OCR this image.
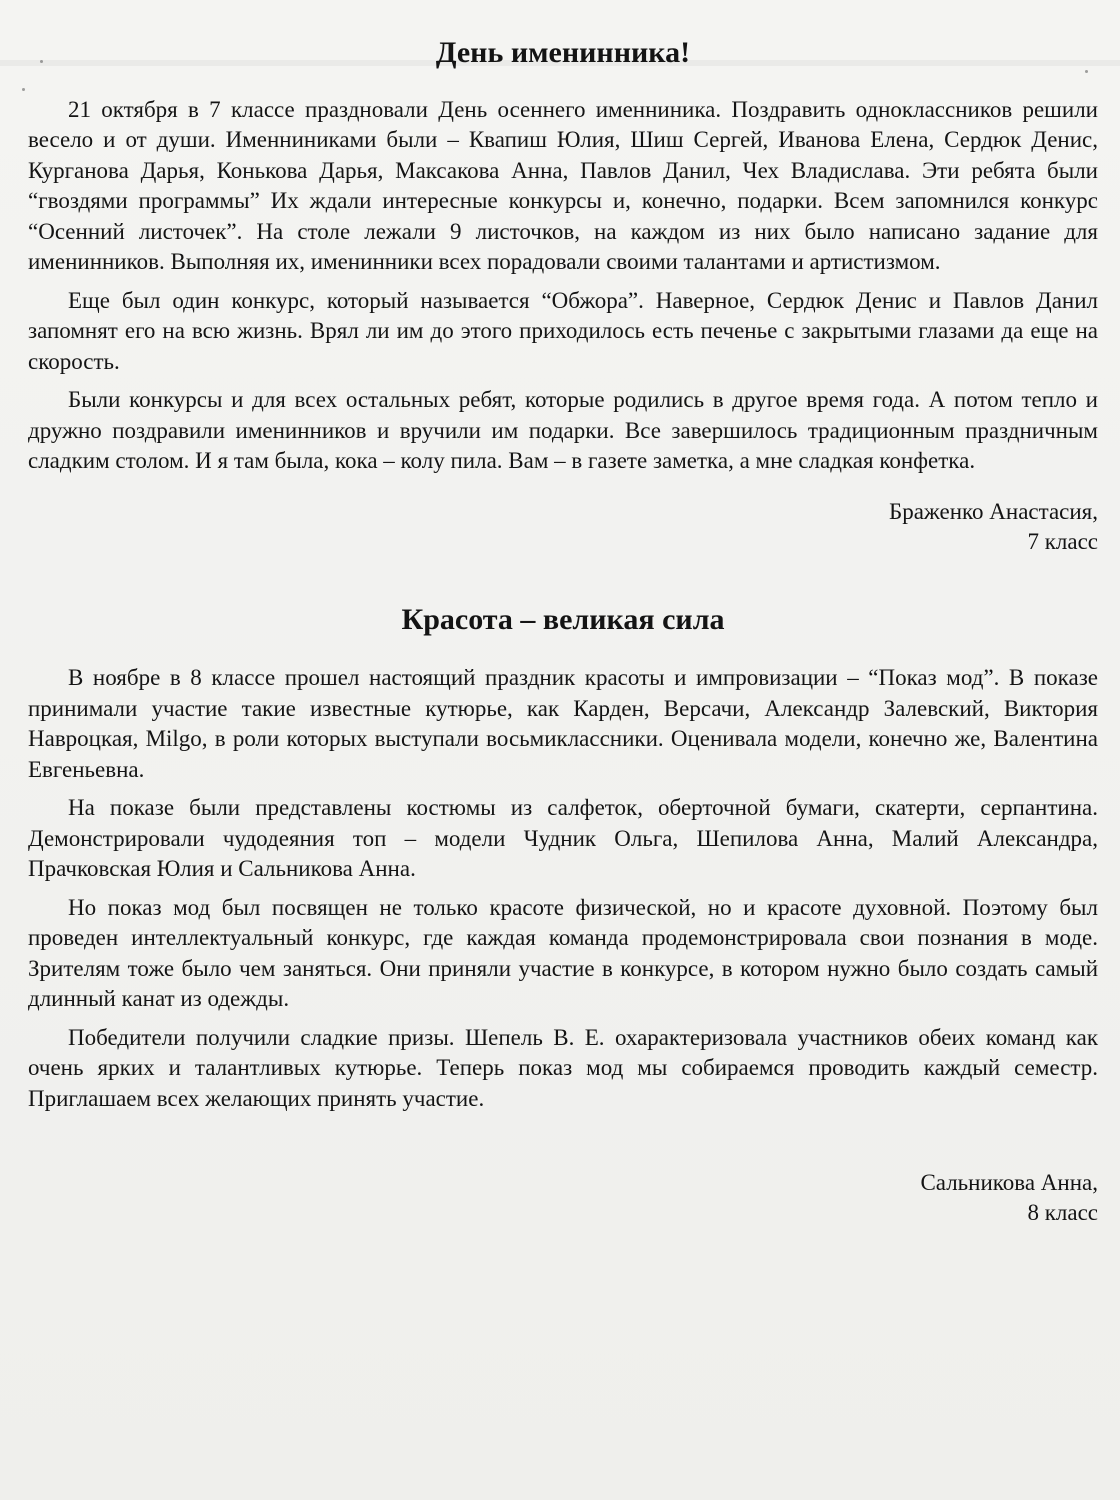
День именинника!

21 октября в 7 классе праздновали День осеннего именниника. Поздравить одноклассников решили весело и от души. Именниниками были – Квапиш Юлия, Шиш Сергей, Иванова Елена, Сердюк Денис, Курганова Дарья, Конькова Дарья, Максакова Анна, Павлов Данил, Чех Владислава. Эти ребята были “гвоздями программы” Их ждали интересные конкурсы и, конечно, подарки. Всем запомнился конкурс “Осенний листочек”. На столе лежали 9 листочков, на каждом из них было написано задание для именинников. Выполняя их, именинники всех порадовали своими талантами и артистизмом.

Еще был один конкурс, который называется “Обжора”. Наверное, Сердюк Денис и Павлов Данил запомнят его на всю жизнь. Врял ли им до этого приходилось есть печенье с закрытыми глазами да еще на скорость.

Были конкурсы и для всех остальных ребят, которые родились в другое время года. А потом тепло и дружно поздравили именинников и вручили им подарки. Все завершилось традиционным праздничным сладким столом. И я там была, кока – колу пила. Вам – в газете заметка, а мне сладкая конфетка.

Браженко Анастасия,
7 класс
Красота – великая сила

В ноябре в 8 классе прошел настоящий праздник красоты и импровизации – “Показ мод”. В показе принимали участие такие известные кутюрье, как Карден, Версачи, Александр Залевский, Виктория Навроцкая, Milgo, в роли которых выступали восьмиклассники. Оценивала модели, конечно же, Валентина Евгеньевна.

На показе были представлены костюмы из салфеток, оберточной бумаги, скатерти, серпантина. Демонстрировали чудодеяния топ – модели Чудник Ольга, Шепилова Анна, Малий Александра, Прачковская Юлия и Сальникова Анна.

Но показ мод был посвящен не только красоте физической, но и красоте духовной. Поэтому был проведен интеллектуальный конкурс, где каждая команда продемонстрировала свои познания в моде. Зрителям тоже было чем заняться. Они приняли участие в конкурсе, в котором нужно было создать самый длинный канат из одежды.

Победители получили сладкие призы. Шепель В. Е. охарактеризовала участников обеих команд как очень ярких и талантливых кутюрье. Теперь показ мод мы собираемся проводить каждый семестр. Приглашаем всех желающих принять участие.

Сальникова Анна,
8 класс
